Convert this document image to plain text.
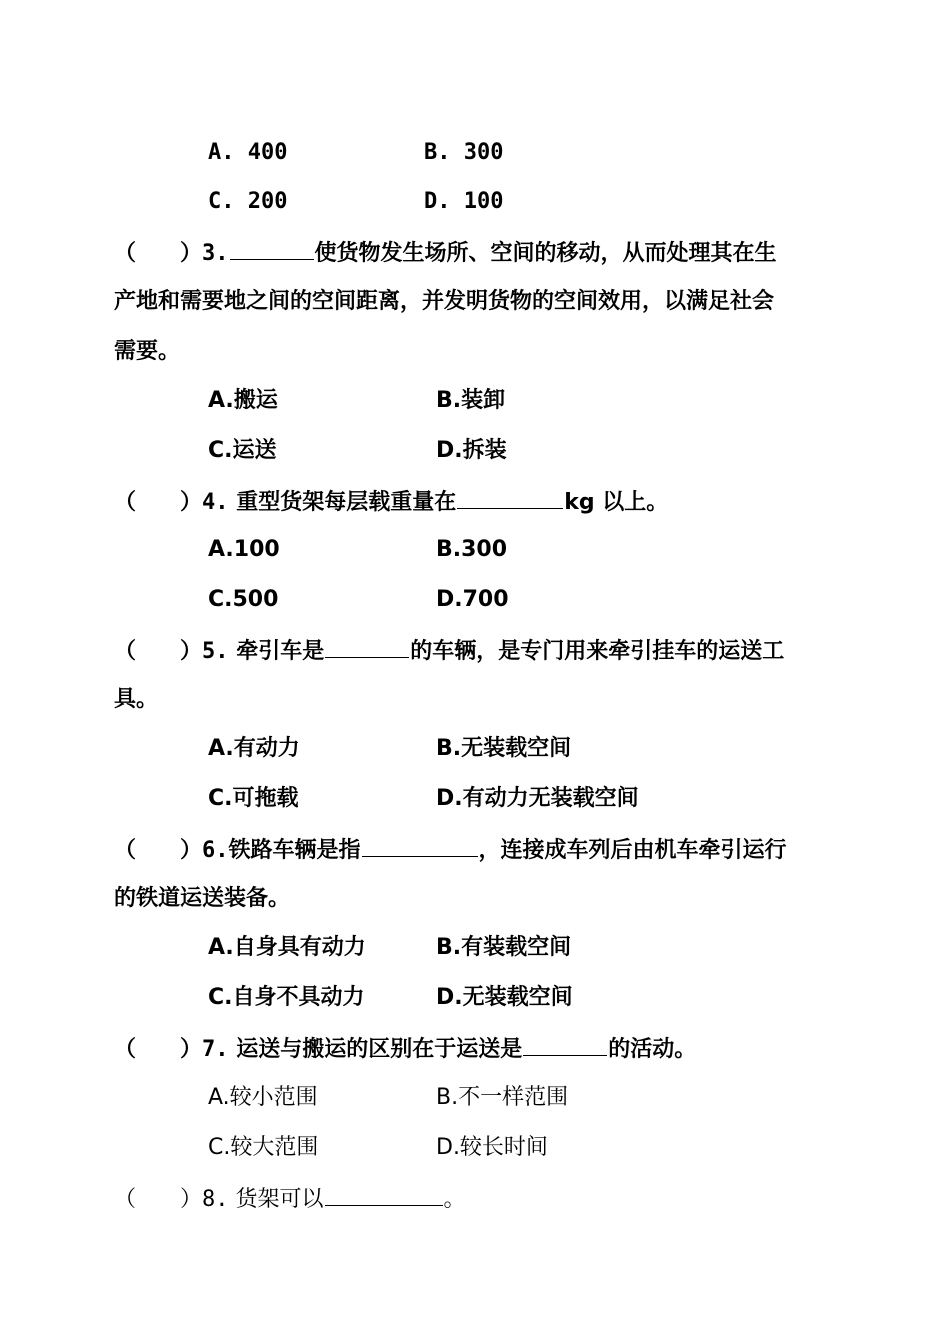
A. 400	B. 300
C. 200	D. 100
（　　）3.	使货物发生场所、空间的移动，从而处理其在生
产地和需要地之间的空间距离，并发明货物的空间效用，以满足社会
需要。
A.搬运	B.装卸
C.运送	D.拆装
（　　）4. 重型货架每层载重量在	kg 以上。
A.100	B.300
C.500	D.700
（　　）5. 牵引车是	的车辆，是专门用来牵引挂车的运送工
具。
A.有动力	B.无装载空间
C.可拖载	D.有动力无装载空间
（　　）6.铁路车辆是指	，连接成车列后由机车牵引运行
的铁道运送装备。
A.自身具有动力	B.有装载空间
C.自身不具动力	D.无装载空间
（　　）7. 运送与搬运的区别在于运送是	的活动。
A.较小范围	B.不一样范围
C.较大范围	D.较长时间
（　　）8. 货架可以	。
